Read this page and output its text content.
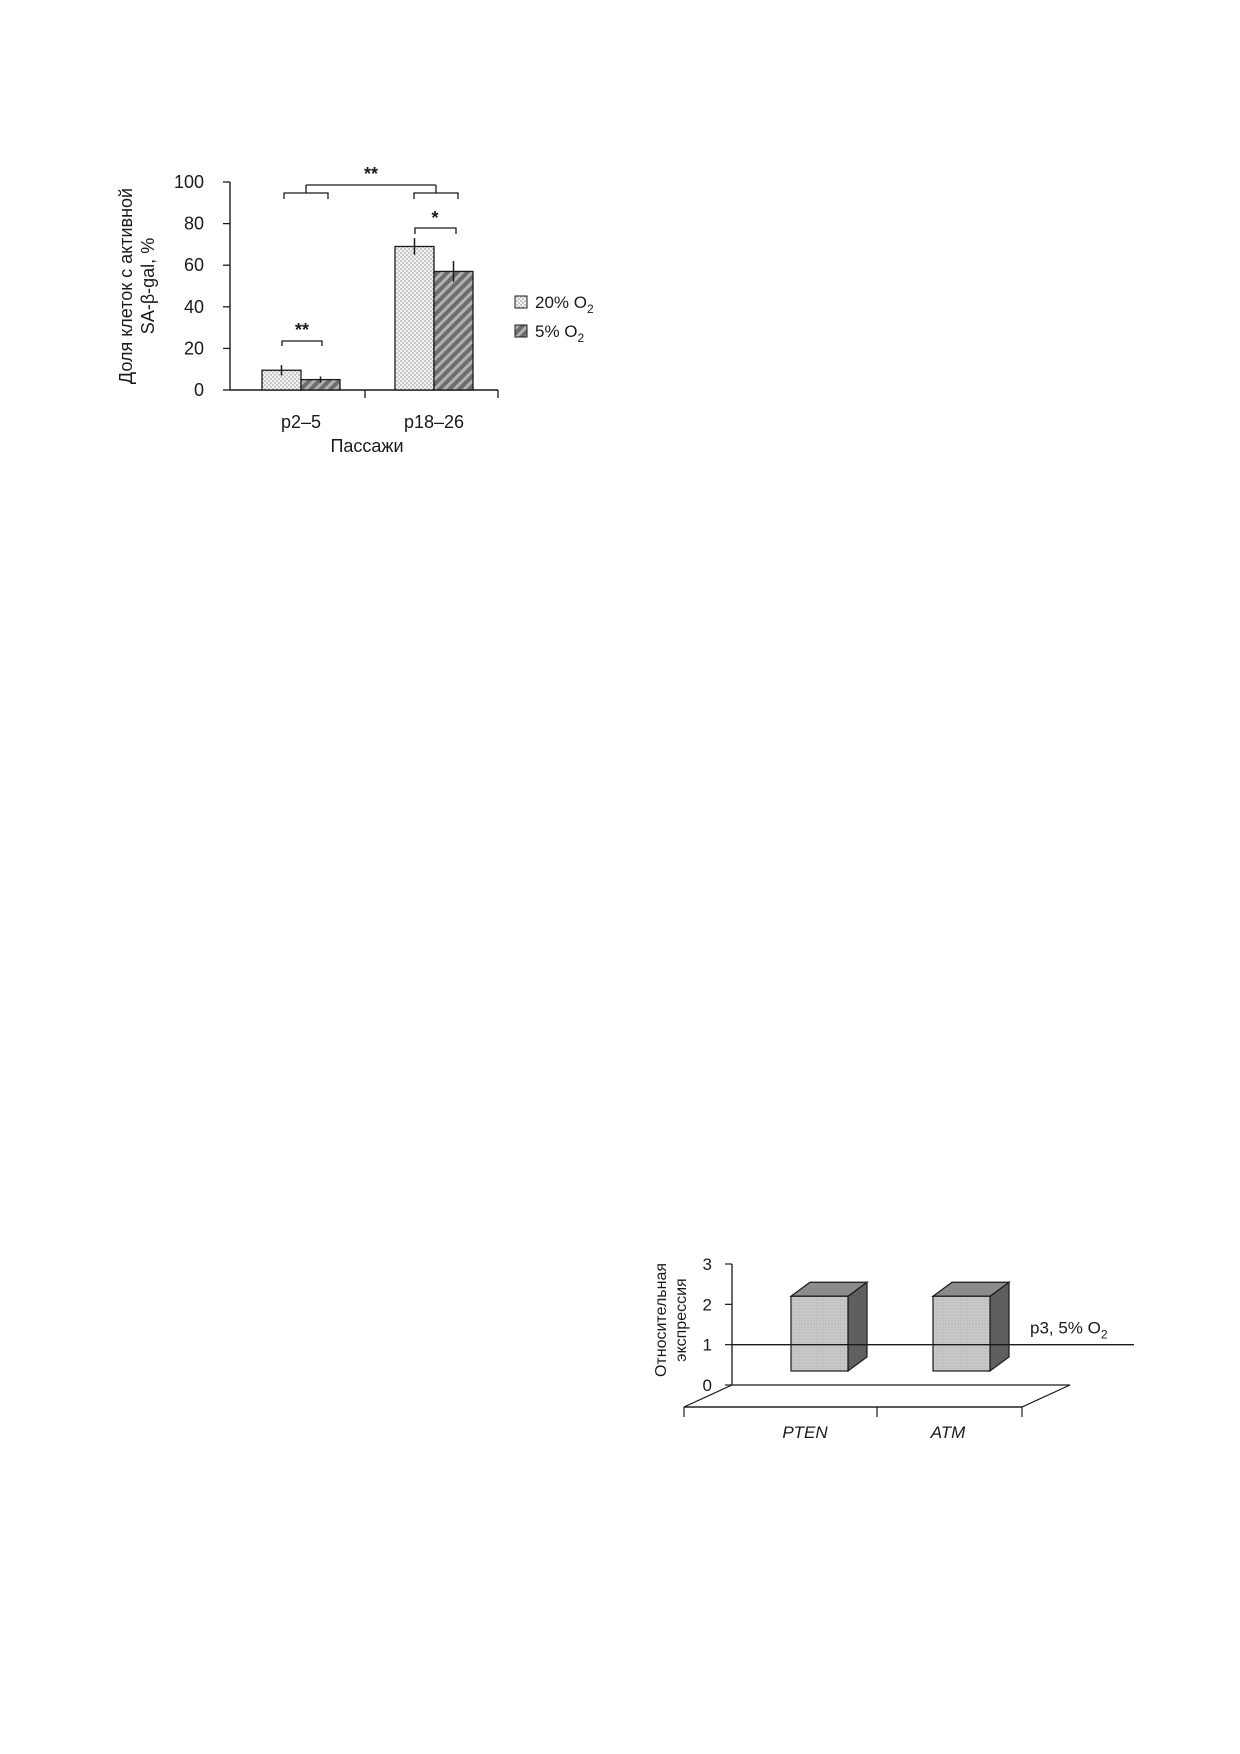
0
20
40
60
80
100
p2–5	p18–26
Доля клеток с активной SA-β-gal, %
Пассажи
**
*
**
20% $O_2$
5% $O_2$
0
1
2
3
PTEN	ATM
p3, 5% $O_2$
Относительная экспрессия
